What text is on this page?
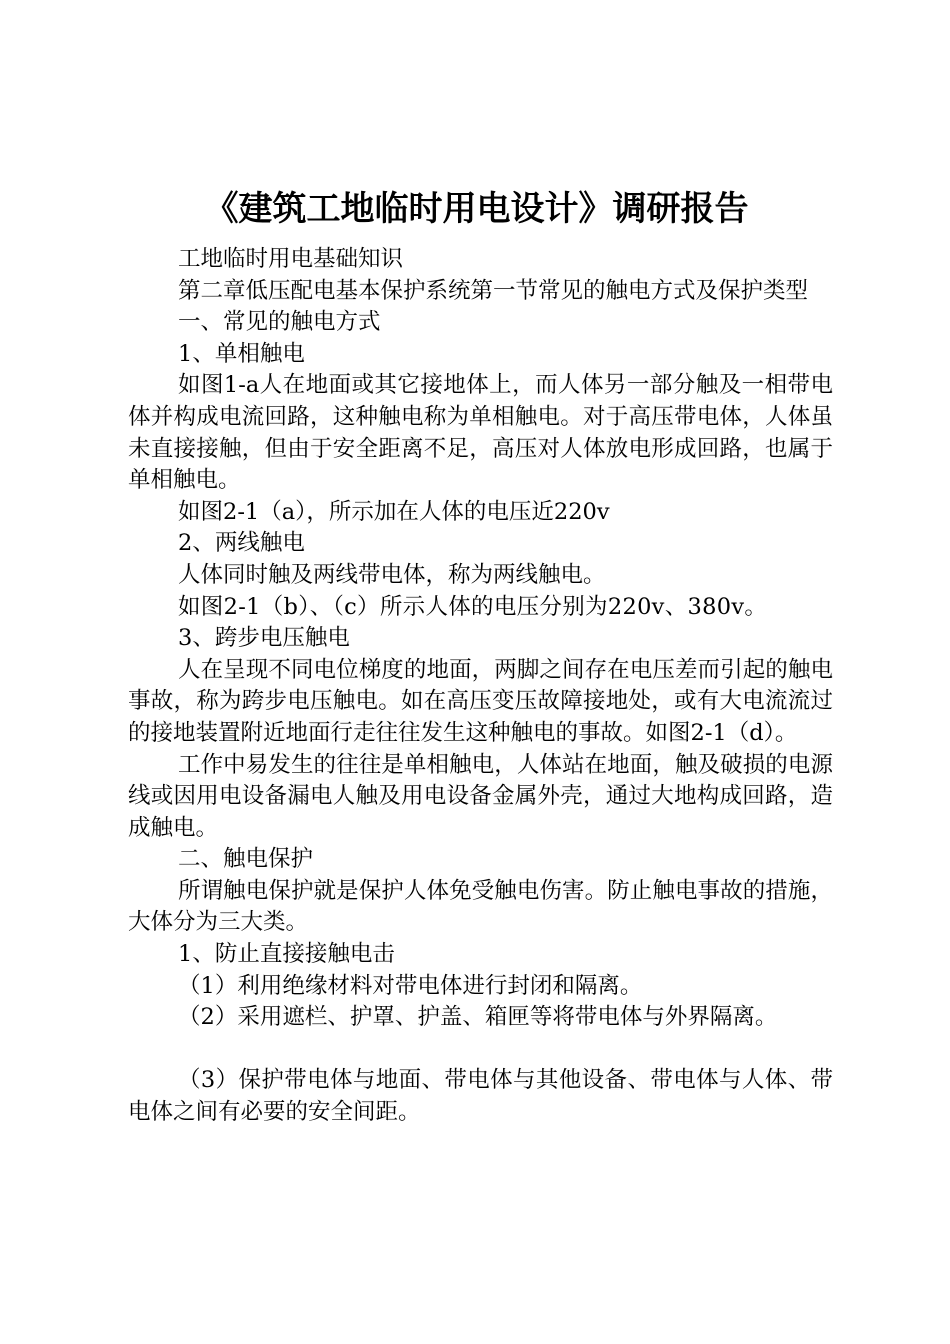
《建筑工地临时用电设计》调研报告

工地临时用电基础知识

第二章低压配电基本保护系统第一节常见的触电方式及保护类型

一、常见的触电方式

1、单相触电

如图1-a人在地面或其它接地体上，而人体另一部分触及一相带电体并构成电流回路，这种触电称为单相触电。对于高压带电体，人体虽未直接接触，但由于安全距离不足，高压对人体放电形成回路，也属于单相触电。

如图2-1（a），所示加在人体的电压近220v

2、两线触电

人体同时触及两线带电体，称为两线触电。

如图2-1（b）、（c）所示人体的电压分别为220v、380v。

3、跨步电压触电

人在呈现不同电位梯度的地面，两脚之间存在电压差而引起的触电事故，称为跨步电压触电。如在高压变压故障接地处，或有大电流流过的接地装置附近地面行走往往发生这种触电的事故。如图2-1（d）。

工作中易发生的往往是单相触电，人体站在地面，触及破损的电源线或因用电设备漏电人触及用电设备金属外壳，通过大地构成回路，造成触电。

二、触电保护

所谓触电保护就是保护人体免受触电伤害。防止触电事故的措施，大体分为三大类。

1、防止直接接触电击

（1）利用绝缘材料对带电体进行封闭和隔离。

（2）采用遮栏、护罩、护盖、箱匣等将带电体与外界隔离。

（3）保护带电体与地面、带电体与其他设备、带电体与人体、带电体之间有必要的安全间距。
